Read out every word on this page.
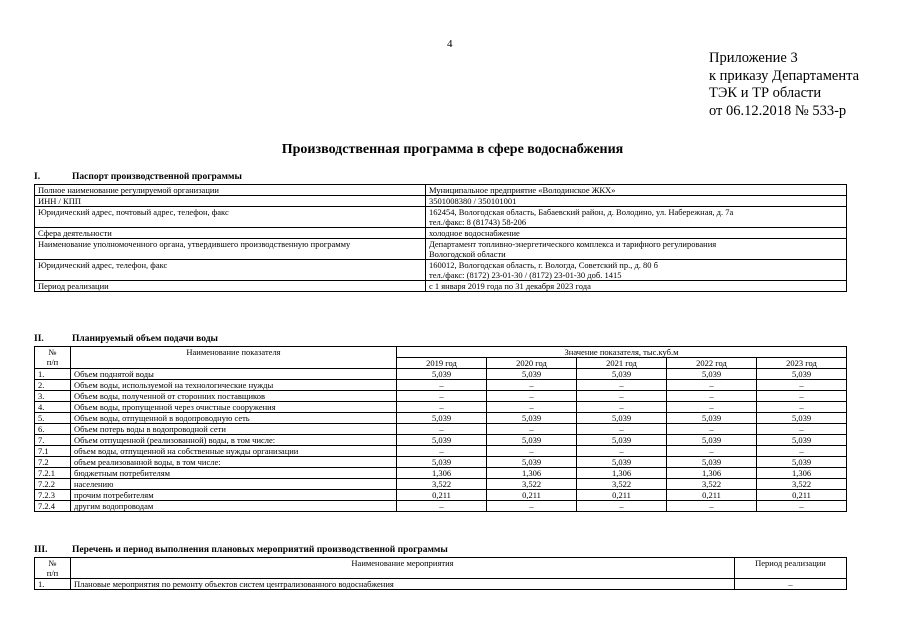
4
Приложение 3
к приказу Департамента
ТЭК и ТР области
от 06.12.2018 № 533-р
Производственная программа в сфере водоснабжения
I.	Паспорт производственной программы
Полное наименование регулируемой организации	Муниципальное предприятие «Володинское ЖКХ»

ИНН / КПП	3501008380 / 350101001

Юридический адрес, почтовый адрес, телефон, факс	162454, Вологодская область, Бабаевский район, д. Володино, ул. Набережная, д. 7а
тел./факс: 8 (81743) 58-206

Сфера деятельности	холодное водоснабжение

Наименование уполномоченного органа, утвердившего производственную программу	Департамент топливно-энергетического комплекса и тарифного регулирования
Вологодской области

Юридический адрес, телефон, факс	160012, Вологодская область, г. Вологда, Советский пр., д. 80 б
тел./факс: (8172) 23-01-30 / (8172) 23-01-30 доб. 1415

Период реализации	с 1 января 2019 года по 31 декабря 2023 года
II.	Планируемый объем подачи воды
№
п/п	Наименование показателя	Значение показателя, тыс.куб.м				
		2019 год	2020 год	2021 год	2022 год	2023 год
1.	Объем поднятой воды	5,039	5,039	5,039	5,039	5,039
2.	Объем воды, используемой на технологические нужды	–	–	–	–	–
3.	Объем воды, полученной от сторонних поставщиков	–	–	–	–	–
4.	Объем воды, пропущенной через очистные сооружения	–	–	–	–	–
5.	Объем воды, отпущенной в водопроводную сеть	5,039	5,039	5,039	5,039	5,039
6.	Объем потерь воды в водопроводной сети	–	–	–	–	–
7.	Объем отпущенной (реализованной) воды, в том числе:	5,039	5,039	5,039	5,039	5,039
7.1	объем воды, отпущенной на собственные нужды организации	–	–	–	–	–
7.2	объем реализованной воды, в том числе:	5,039	5,039	5,039	5,039	5,039
7.2.1	бюджетным потребителям	1,306	1,306	1,306	1,306	1,306
7.2.2	населению	3,522	3,522	3,522	3,522	3,522
7.2.3	прочим потребителям	0,211	0,211	0,211	0,211	0,211
7.2.4	другим водопроводам	–	–	–	–	–
III.	Перечень и период выполнения плановых мероприятий производственной программы
№
п/п	Наименование мероприятия	Период реализации
1.	Плановые мероприятия по ремонту объектов систем централизованного водоснабжения	–
